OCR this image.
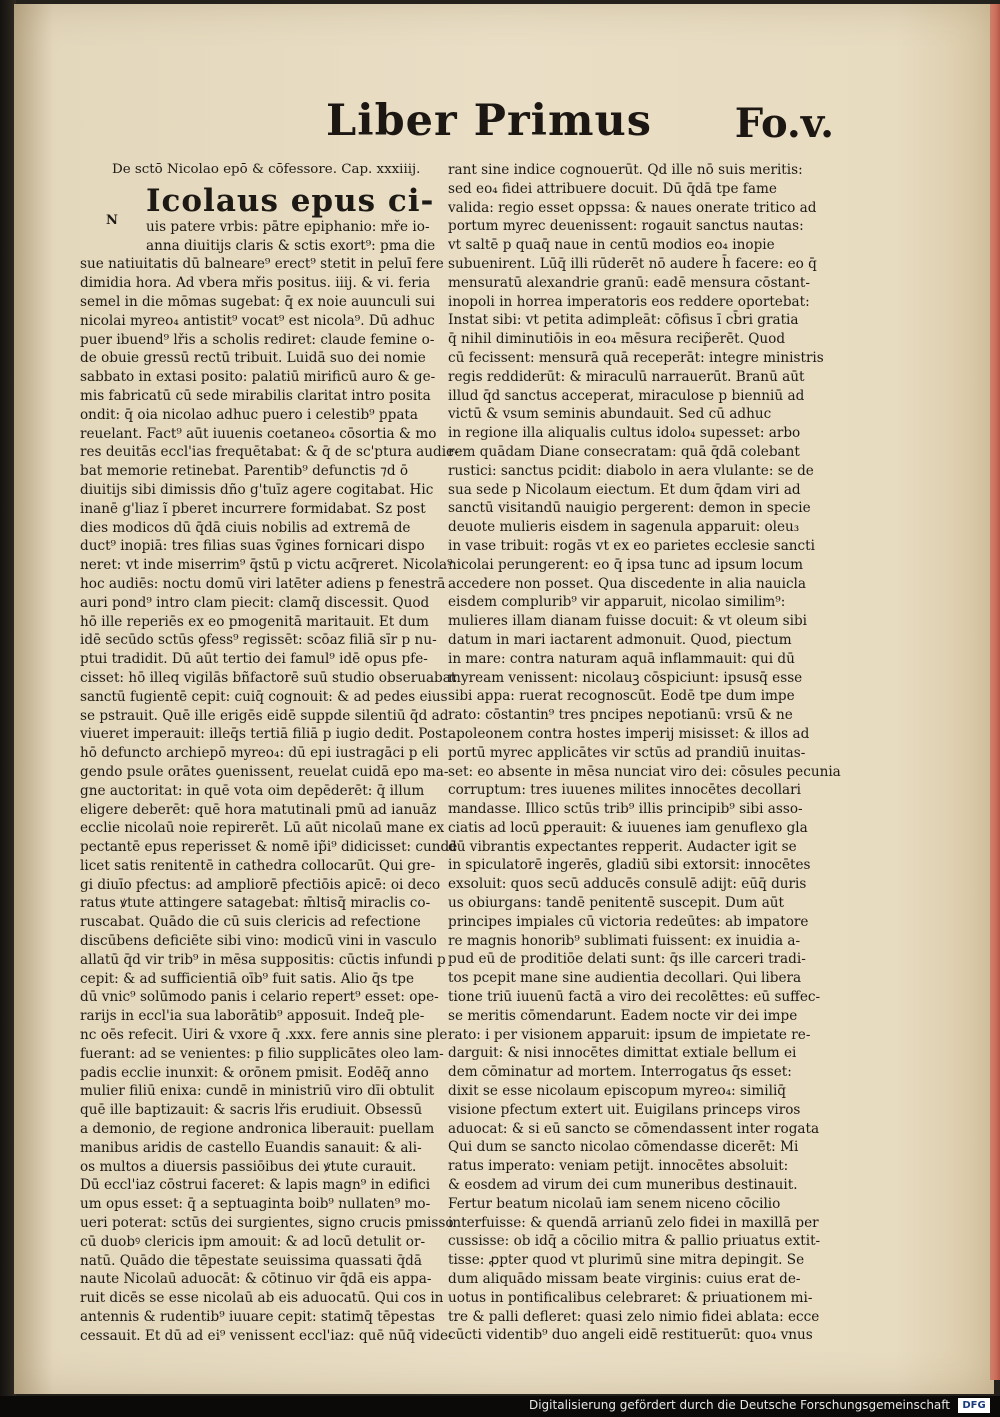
Liber Primus Fo.v.
De sctō Nicolao epō & cōfessore. Cap. xxxiiij.
Icolaus epus ci-
N uis patere vrbis: pātre epiphanio: mře io-
anna diuitijs claris & sctis exort⁹: pma die
sue natiuitatis dū balneare⁹ erect⁹ stetit in peluī fere
dimidia hora. Ad vbera mřis positus. iiij. & vi. feria
semel in die mōmas sugebat: q̄ ex noie auunculi sui
nicolai myreo₄ antistit⁹ vocat⁹ est nicola⁹. Dū adhuc
puer ibuend⁹ lřis a scholis rediret: claude femine o-
de obuie gressū rectū tribuit. Luidā suo dei nomie
sabbato in extasi posito: palatiū mirificū auro & ge-
mis fabricatū cū sede mirabilis claritat intro posita
ondit: q̄ oia nicolao adhuc puero i celestib⁹ ppata
reuelant. Fact⁹ aūt iuuenis coetaneo₄ cōsortia & mo
res deuitās eccl'ias frequētabat: & q̄ de sc'ptura audie-
bat memorie retinebat. Parentib⁹ defunctis ⁊d ō
diuitijs sibi dimissis dño g'tuīz agere cogitabat. Hic
inanē g'liaz ĩ pberet incurrere formidabat. Sz post
dies modicos dū q̄dā ciuis nobilis ad extremā de
duct⁹ inopiā: tres filias suas v̄gines fornicari dispo
neret: vt inde miserrim⁹ q̄stū p victu acq̄reret. Nicola⁹
hoc audiēs: noctu domū viri latēter adiens p fenestrā
auri pond⁹ intro clam piecit: clamq̄ discessit. Quod
hō ille reperiēs ex eo pmogenitā maritauit. Et dum
idē secūdo sctūs ꝯfess⁹ regissēt: scōaz filiā sīr p nu-
ptui tradidit. Dū aūt tertio dei famul⁹ idē opus pfe-
cisset: hō illeq vigilās bñfactorē suū studio obseruabat
sanctū fugientē cepit: cuiq̄ cognouit: & ad pedes eius
se pstrauit. Quē ille erigēs eidē suppde silentiū q̄d ad
viueret imperauit: illeq̄s tertiā filiā p iugio dedit. Post
hō defuncto archiepō myreo₄: dū epi iustragāci p eli
gendo psule orātes ꝯuenissent, reuelat cuidā epo ma-
gne auctoritat: in quē vota oim depēderēt: q̄ illum
eligere deberēt: quē hora matutinali pmū ad ianuāz
ecclie nicolaū noie repirerēt. Lū aūt nicolaū mane ex
pectantē epus reperisset & nomē ip̃i⁹ didicisset: cundē
licet satis renitentē in cathedra collocarūt. Qui gre-
gi diuīo pfectus: ad ampliorē pfectiōis apicē: oi deco
ratus ꝟtute attingere satagebat: m̄ltisq̄ miraclis co-
ruscabat. Quādo die cū suis clericis ad refectione
discūbens deficiēte sibi vino: modicū vini in vasculo
allatū q̄d vir trib⁹ in mēsa suppositis: cūctis infundi p
cepit: & ad sufficientiā oīb⁹ fuit satis. Alio q̄s tpe
dū vnic⁹ solūmodo panis i celario repert⁹ esset: ope-
rarijs in eccl'ia sua laborātib⁹ apposuit. Indeq̄ ple-
nc oēs refecit. Uiri & vxore q̄ .xxx. fere annis sine ple
fuerant: ad se venientes: p filio supplicātes oleo lam-
padis ecclie inunxit: & orōnem pmisit. Eodēq̄ anno
mulier filiū enixa: cundē in ministriū viro dīi obtulit
quē ille baptizauit: & sacris lřis erudiuit. Obsessū
a demonio, de regione andronica liberauit: puellam
manibus aridis de castello Euandis sanauit: & ali-
os multos a diuersis passiōibus dei ꝟtute curauit.
Dū eccl'iaz cōstrui faceret: & lapis magn⁹ in edifici
um opus esset: q̄ a septuaginta boib⁹ nullaten⁹ mo-
ueri poterat: sctūs dei surgientes, signo crucis pmisso
cū duobꝰ clericis ipm amouit: & ad locū detulit or-
natū. Quādo die tēpestate seuissima quassati q̄dā
naute Nicolaū aduocāt: & cōtinuo vir q̄dā eis appa-
ruit dicēs se esse nicolaū ab eis aduocatū. Qui cos in
antennis & rudentib⁹ iuuare cepit: statimq̄ tēpestas
cessauit. Et dū ad ei⁹ venissent eccl'iaz: quē nūq̄ vide-
rant sine indice cognouerūt. Qd ille nō suis meritis:
sed eo₄ fidei attribuere docuit. Dū q̄dā tpe fame
valida: regio esset oppssa: & naues onerate tritico ad
portum myrec deuenissent: rogauit sanctus nautas:
vt saltē p quaq̄ naue in centū modios eo₄ inopie
subuenirent. Lūq̄ illi rūderēt nō audere h̄ facere: eo q̄
mensuratū alexandrie granū: eadē mensura cōstant-
inopoli in horrea imperatoris eos reddere oportebat:
Instat sibi: vt petita adimpleāt: cōfisus ī cb̄ri gratia
q̄ nihil diminutiōis in eo₄ mēsura recip̃erēt. Quod
cū fecissent: mensurā quā receperāt: integre ministris
regis reddiderūt: & miraculū narrauerūt. Branū aūt
illud q̄d sanctus acceperat, miraculose p bienniū ad
victū & vsum seminis abundauit. Sed cū adhuc
in regione illa aliqualis cultus idolo₄ supesset: arbo
rem quādam Diane consecratam: quā q̄dā colebant
rustici: sanctus pcidit: diabolo in aera vlulante: se de
sua sede p Nicolaum eiectum. Et dum q̄dam viri ad
sanctū visitandū nauigio pergerent: demon in specie
deuote mulieris eisdem in sagenula apparuit: oleu₃
in vase tribuit: rogās vt ex eo parietes ecclesie sancti
nicolai perungerent: eo q̄ ipsa tunc ad ipsum locum
accedere non posset. Qua discedente in alia nauicla
eisdem complurib⁹ vir apparuit, nicolao similim⁹:
mulieres illam dianam fuisse docuit: & vt oleum sibi
datum in mari iactarent admonuit. Quod, piectum
in mare: contra naturam aquā inflammauit: qui dū
myream venissent: nicolauꝫ cōspiciunt: ipsusq̄ esse
sibi appa: ruerat recognoscūt. Eodē tpe dum impe
rato: cōstantin⁹ tres pncipes nepotianū: vrsū & ne
apoleonem contra hostes imperij misisset: & illos ad
portū myrec applicātes vir sctūs ad prandiū inuitas-
set: eo absente in mēsa nunciat viro dei: cōsules pecunia
corruptum: tres iuuenes milites innocētes decollari
mandasse. Illico sctūs trib⁹ illis principib⁹ sibi asso-
ciatis ad locū ꝑperauit: & iuuenes iam genuflexo gla
dū vibrantis expectantes repperit. Audacter igit se
in spiculatorē ingerēs, gladiū sibi extorsit: innocētes
exsoluit: quos secū adducēs consulē adijt: eūq̄ duris
us obiurgans: tandē penitentē suscepit. Dum aūt
principes impiales cū victoria redeūtes: ab impatore
re magnis honorib⁹ sublimati fuissent: ex inuidia a-
pud eū de proditiōe delati sunt: q̄s ille carceri tradi-
tos pcepit mane sine audientia decollari. Qui libera
tione triū iuuenū factā a viro dei recolēttes: eū suffec-
se meritis cōmendarunt. Eadem nocte vir dei impe
rato: i per visionem apparuit: ipsum de impietate re-
darguit: & nisi innocētes dimittat extiale bellum ei
dem cōminatur ad mortem. Interrogatus q̄s esset:
dixit se esse nicolaum episcopum myreo₄: similiq̄
visione pfectum extert uit. Euigilans princeps viros
aduocat: & si eū sancto se cōmendassent inter rogata
Qui dum se sancto nicolao cōmendasse dicerēt: Mi
ratus imperato: veniam petijt. innocētes absoluit:
& eosdem ad virum dei cum muneribus destinauit.
Fertur beatum nicolaū iam senem niceno cōcilio
interfuisse: & quendā arrianū zelo fidei in maxillā per
cussisse: ob idq̄ a cōcilio mitra & pallio priuatus extit-
tisse: ꝓpter quod vt plurimū sine mitra depingit. Se
dum aliquādo missam beate virginis: cuius erat de-
uotus in pontificalibus celebraret: & priuationem mi-
tre & palli defleret: quasi zelo nimio fidei ablata: ecce
cūcti videntib⁹ duo angeli eidē restituerūt: quo₄ vnus
Digitalisierung gefördert durch die Deutsche Forschungsgemeinschaft	DFG
